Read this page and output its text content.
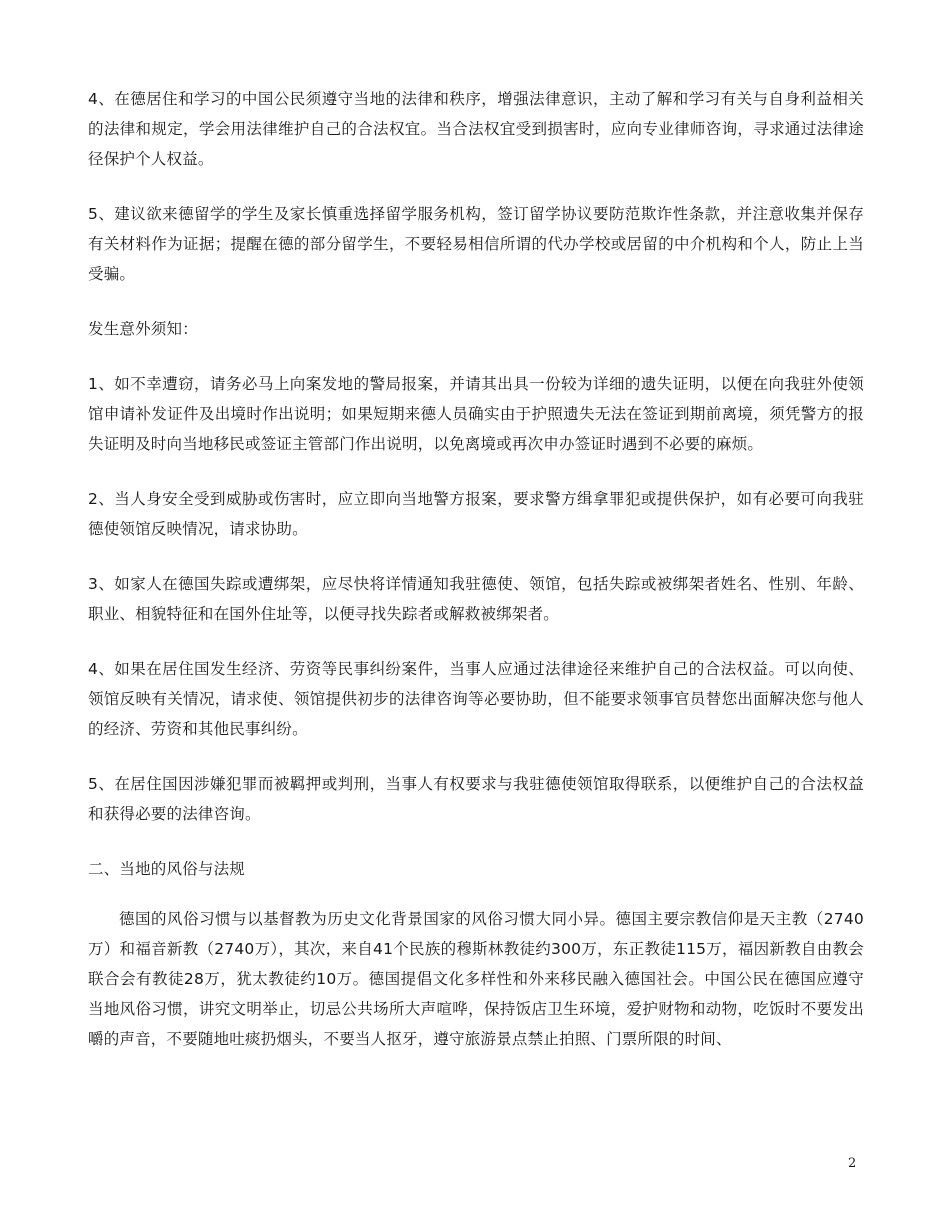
4、在德居住和学习的中国公民须遵守当地的法律和秩序，增强法律意识，主动了解和学习有关与自身利益相关的法律和规定，学会用法律维护自己的合法权宜。当合法权宜受到损害时，应向专业律师咨询，寻求通过法律途径保护个人权益。

5、建议欲来德留学的学生及家长慎重选择留学服务机构，签订留学协议要防范欺诈性条款，并注意收集并保存有关材料作为证据；提醒在德的部分留学生，不要轻易相信所谓的代办学校或居留的中介机构和个人，防止上当受骗。

发生意外须知：

1、如不幸遭窃，请务必马上向案发地的警局报案，并请其出具一份较为详细的遗失证明，以便在向我驻外使领馆申请补发证件及出境时作出说明；如果短期来德人员确实由于护照遗失无法在签证到期前离境，须凭警方的报失证明及时向当地移民或签证主管部门作出说明，以免离境或再次申办签证时遇到不必要的麻烦。

2、当人身安全受到威胁或伤害时，应立即向当地警方报案，要求警方缉拿罪犯或提供保护，如有必要可向我驻德使领馆反映情况，请求协助。

3、如家人在德国失踪或遭绑架，应尽快将详情通知我驻德使、领馆，包括失踪或被绑架者姓名、性别、年龄、职业、相貌特征和在国外住址等，以便寻找失踪者或解救被绑架者。

4、如果在居住国发生经济、劳资等民事纠纷案件，当事人应通过法律途径来维护自己的合法权益。可以向使、领馆反映有关情况，请求使、领馆提供初步的法律咨询等必要协助，但不能要求领事官员替您出面解决您与他人的经济、劳资和其他民事纠纷。

5、在居住国因涉嫌犯罪而被羁押或判刑，当事人有权要求与我驻德使领馆取得联系，以便维护自己的合法权益和获得必要的法律咨询。

二、当地的风俗与法规

德国的风俗习惯与以基督教为历史文化背景国家的风俗习惯大同小异。德国主要宗教信仰是天主教（2740万）和福音新教（2740万），其次，来自41个民族的穆斯林教徒约300万，东正教徒115万，福因新教自由教会联合会有教徒28万，犹太教徒约10万。德国提倡文化多样性和外来移民融入德国社会。中国公民在德国应遵守当地风俗习惯，讲究文明举止，切忌公共场所大声喧哗，保持饭店卫生环境，爱护财物和动物，吃饭时不要发出嚼的声音，不要随地吐痰扔烟头，不要当人抠牙，遵守旅游景点禁止拍照、门票所限的时间、

2
